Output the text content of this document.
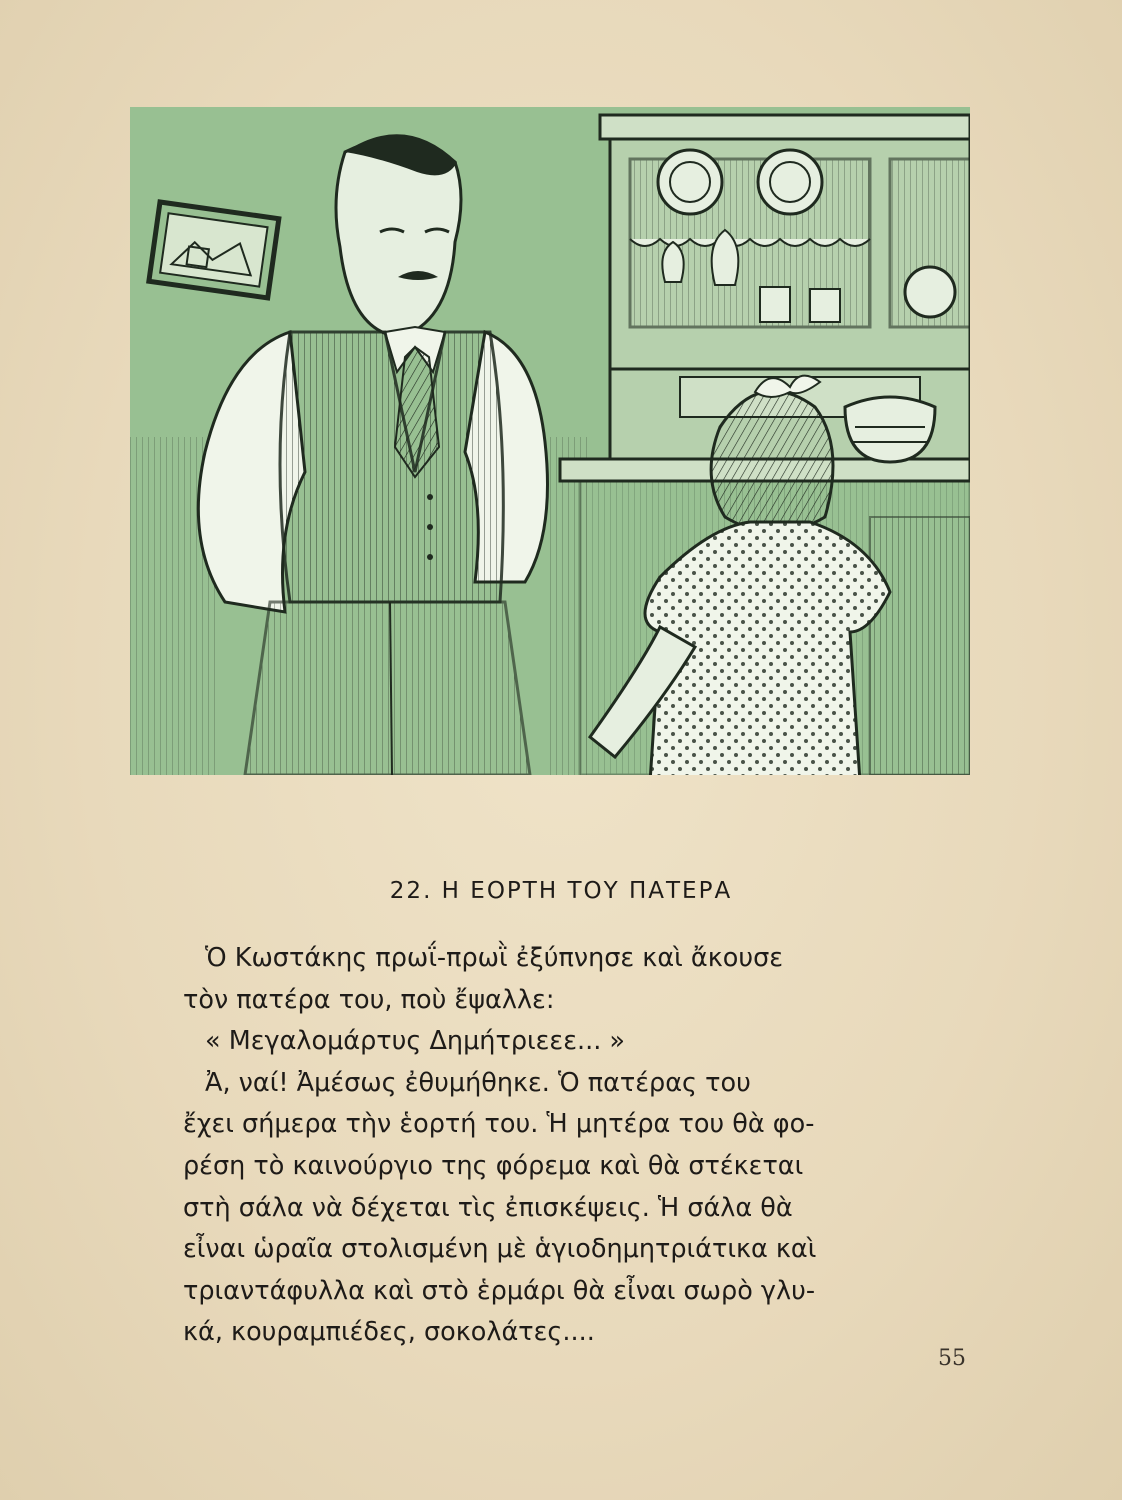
22. Η ΕΟΡΤΗ ΤΟΥ ΠΑΤΕΡΑ
Ὁ Κωστάκης πρωΐ-πρωῒ ἐξύπνησε καὶ ἄκουσε
τὸν πατέρα του, ποὺ ἔψαλλε:
« Μεγαλομάρτυς Δημήτριεεε... »
Ἀ, ναί! Ἀμέσως ἐθυμήθηκε. Ὁ πατέρας του
ἔχει σήμερα τὴν ἑορτή του. Ἡ μητέρα του θὰ φο-
ρέση τὸ καινούργιο της φόρεμα καὶ θὰ στέκεται
στὴ σάλα νὰ δέχεται τὶς ἐπισκέψεις. Ἡ σάλα θὰ
εἶναι ὡραῖα στολισμένη μὲ ἁγιοδημητριάτικα καὶ
τριαντάφυλλα καὶ στὸ ἑρμάρι θὰ εἶναι σωρὸ γλυ-
κά, κουραμπιέδες, σοκολάτες....
55
